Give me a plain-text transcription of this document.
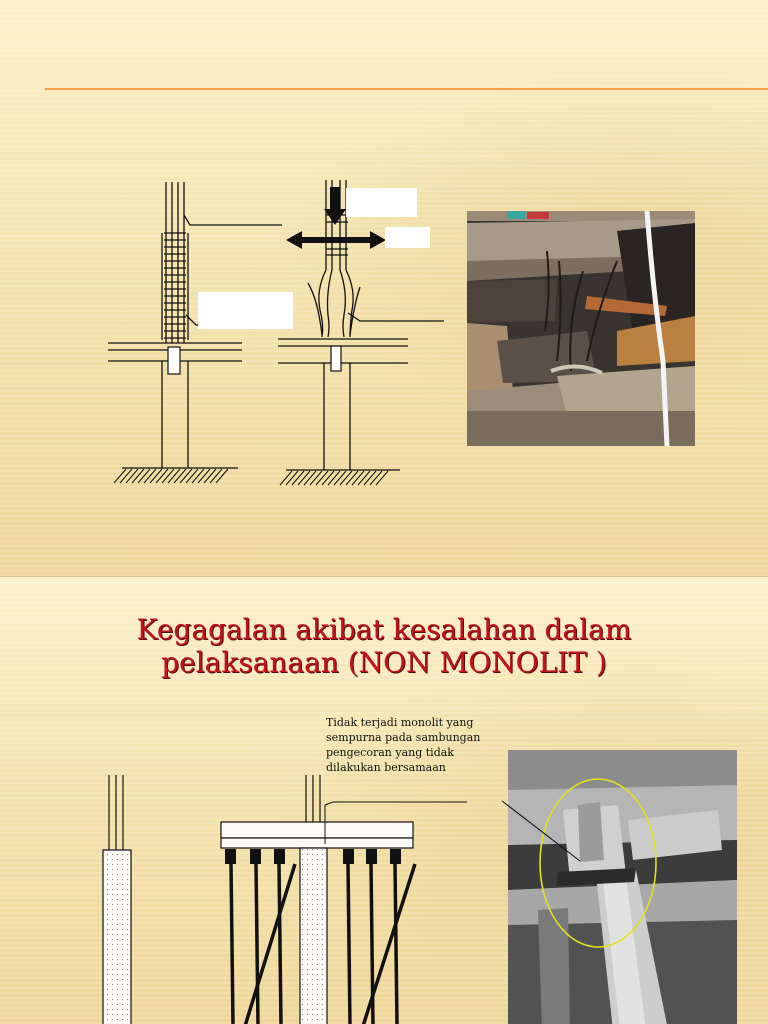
Kegagalan akibat kesalahan dalam
pelaksanaan (NON MONOLIT )
Tidak terjadi monolit yang
sempurna pada sambungan
pengecoran yang tidak
dilakukan bersamaan
